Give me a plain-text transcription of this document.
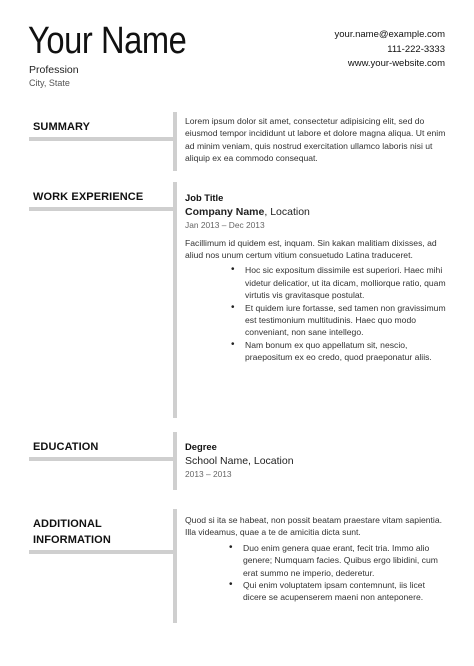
Your Name
Profession
City, State
your.name@example.com
111-222-3333
www.your-website.com
SUMMARY	Lorem ipsum dolor sit amet, consectetur adipisicing elit, sed do eiusmod tempor incididunt ut labore et dolore magna aliqua. Ut enim ad minim veniam, quis nostrud exercitation ullamco laboris nisi ut aliquip ex ea commodo consequat.
WORK EXPERIENCE	Job Title
Company Name, Location
Jan 2013 – Dec 2013
Facillimum id quidem est, inquam. Sin kakan malitiam dixisses, ad aliud nos unum certum vitium consuetudo Latina traduceret.
• Hoc sic expositum dissimile est superiori. Haec mihi videtur delicatior, ut ita dicam, molliorque ratio, quam virtutis vis gravitasque postulat.
• Et quidem iure fortasse, sed tamen non gravissimum est testimonium multitudinis. Haec quo modo conveniant, non sane intellego.
• Nam bonum ex quo appellatum sit, nescio, praepositum ex eo credo, quod praeponatur aliis.
EDUCATION	Degree
School Name, Location
2013 – 2013
ADDITIONAL
INFORMATION
Quod si ita se habeat, non possit beatam praestare vitam sapientia. Illa videamus, quae a te de amicitia dicta sunt.
• Duo enim genera quae erant, fecit tria. Immo alio genere; Numquam facies. Quibus ergo libidini, cum erat summo ne imperio, dederetur.
• Qui enim voluptatem ipsam contemnunt, iis licet dicere se acupenserem maeni non anteponere.
